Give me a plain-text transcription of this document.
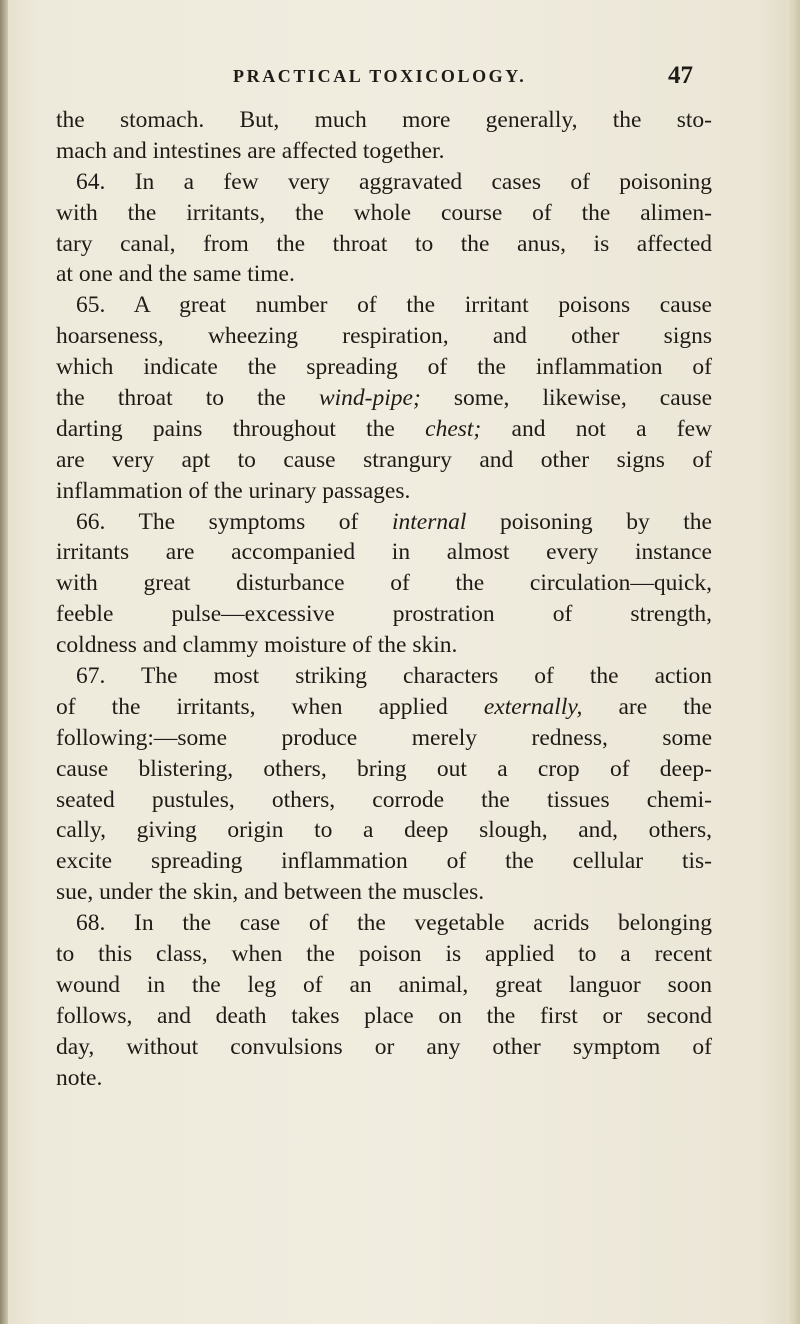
PRACTICAL TOXICOLOGY.	47
the stomach. But, much more generally, the sto-
mach and intestines are affected together.
64. In a few very aggravated cases of poisoning
with the irritants, the whole course of the alimen-
tary canal, from the throat to the anus, is affected
at one and the same time.
65. A great number of the irritant poisons cause
hoarseness, wheezing respiration, and other signs
which indicate the spreading of the inflammation of
the throat to the wind-pipe; some, likewise, cause
darting pains throughout the chest; and not a few
are very apt to cause strangury and other signs of
inflammation of the urinary passages.
66. The symptoms of internal poisoning by the
irritants are accompanied in almost every instance
with great disturbance of the circulation—quick,
feeble pulse—excessive prostration of strength,
coldness and clammy moisture of the skin.
67. The most striking characters of the action
of the irritants, when applied externally, are the
following:—some produce merely redness, some
cause blistering, others, bring out a crop of deep-
seated pustules, others, corrode the tissues chemi-
cally, giving origin to a deep slough, and, others,
excite spreading inflammation of the cellular tis-
sue, under the skin, and between the muscles.
68. In the case of the vegetable acrids belonging
to this class, when the poison is applied to a recent
wound in the leg of an animal, great languor soon
follows, and death takes place on the first or second
day, without convulsions or any other symptom of
note.
